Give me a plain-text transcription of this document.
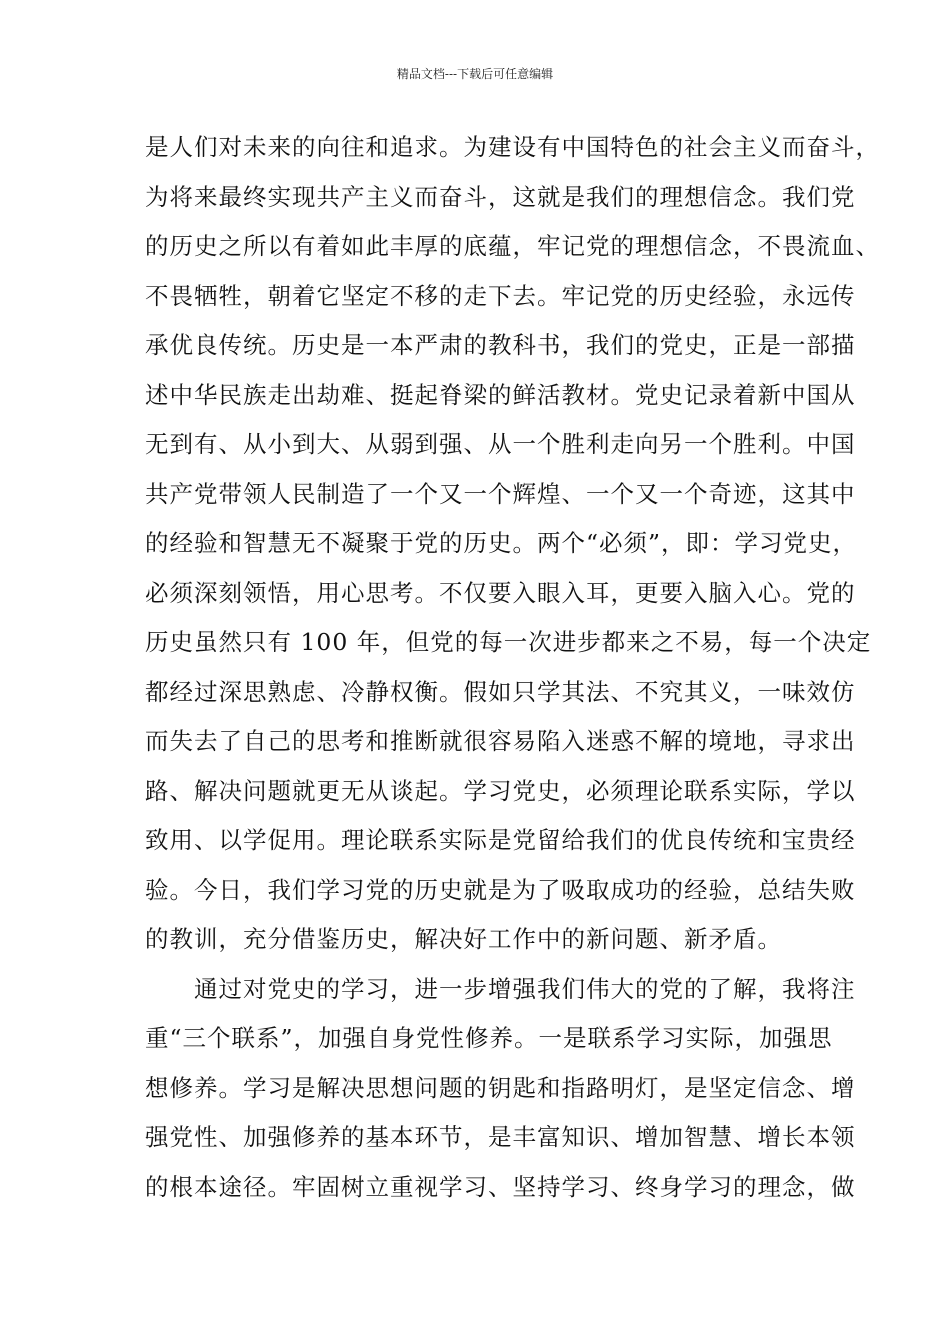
精品文档---下载后可任意编辑
是人们对未来的向往和追求。为建设有中国特色的社会主义而奋斗，
为将来最终实现共产主义而奋斗，这就是我们的理想信念。我们党
的历史之所以有着如此丰厚的底蕴，牢记党的理想信念，不畏流血、
不畏牺牲，朝着它坚定不移的走下去。牢记党的历史经验，永远传
承优良传统。历史是一本严肃的教科书，我们的党史，正是一部描
述中华民族走出劫难、挺起脊梁的鲜活教材。党史记录着新中国从
无到有、从小到大、从弱到强、从一个胜利走向另一个胜利。中国
共产党带领人民制造了一个又一个辉煌、一个又一个奇迹，这其中
的经验和智慧无不凝聚于党的历史。两个“必须”，即：学习党史，
必须深刻领悟，用心思考。不仅要入眼入耳，更要入脑入心。党的
历史虽然只有 100 年，但党的每一次进步都来之不易，每一个决定
都经过深思熟虑、冷静权衡。假如只学其法、不究其义，一味效仿
而失去了自己的思考和推断就很容易陷入迷惑不解的境地，寻求出
路、解决问题就更无从谈起。学习党史，必须理论联系实际，学以
致用、以学促用。理论联系实际是党留给我们的优良传统和宝贵经
验。今日，我们学习党的历史就是为了吸取成功的经验，总结失败
的教训，充分借鉴历史，解决好工作中的新问题、新矛盾。
　　通过对党史的学习，进一步增强我们伟大的党的了解，我将注
重“三个联系”，加强自身党性修养。一是联系学习实际，加强思
想修养。学习是解决思想问题的钥匙和指路明灯，是坚定信念、增
强党性、加强修养的基本环节，是丰富知识、增加智慧、增长本领
的根本途径。牢固树立重视学习、坚持学习、终身学习的理念，做
